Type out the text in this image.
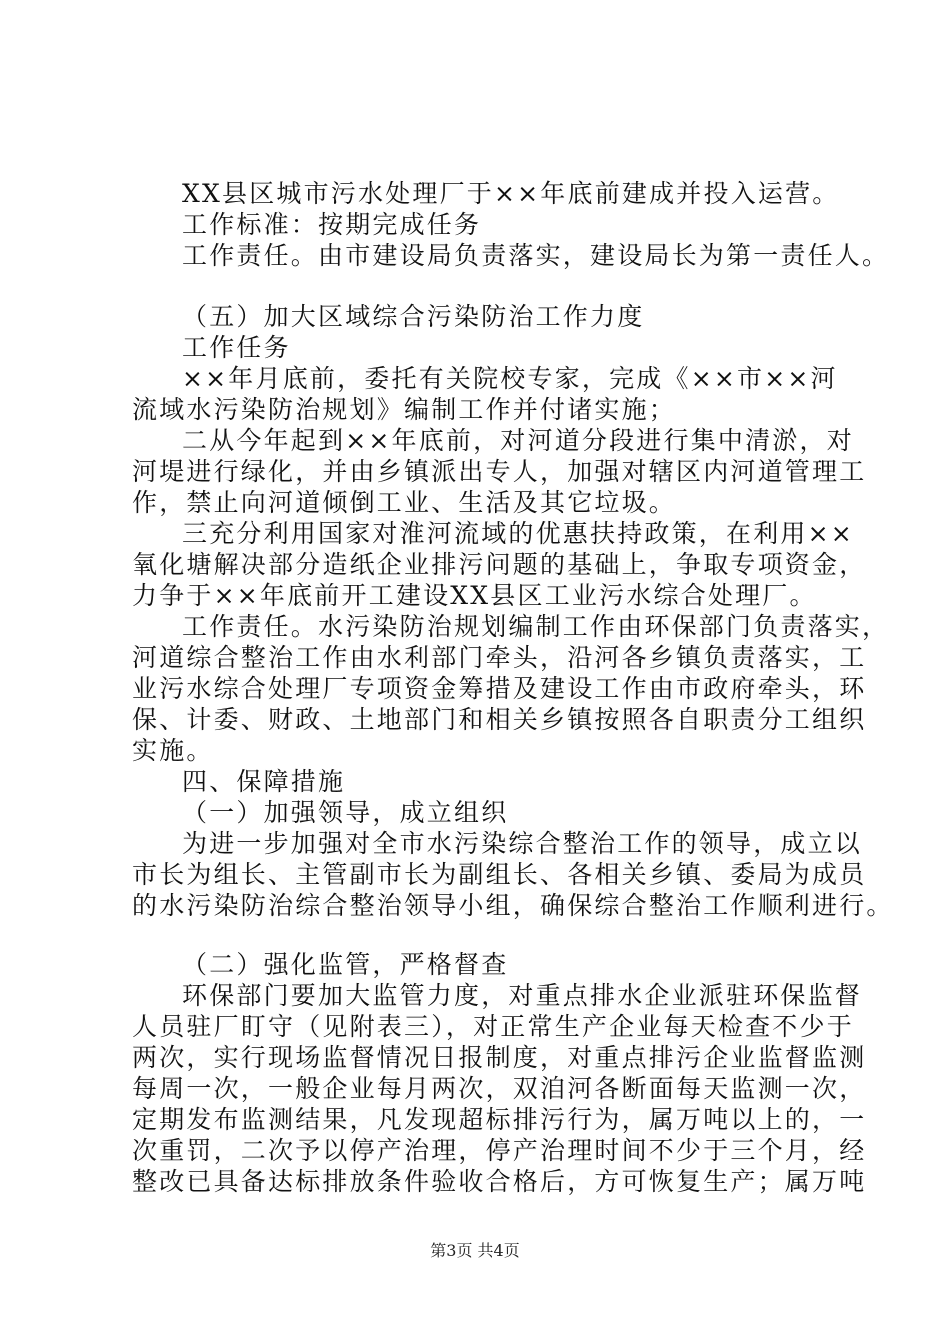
XX县区城市污水处理厂于××年底前建成并投入运营。
工作标准：按期完成任务
工作责任。由市建设局负责落实，建设局长为第一责任人。
（五）加大区域综合污染防治工作力度
工作任务
××年月底前，委托有关院校专家，完成《××市××河
流域水污染防治规划》编制工作并付诸实施；
二从今年起到××年底前，对河道分段进行集中清淤，对
河堤进行绿化，并由乡镇派出专人，加强对辖区内河道管理工
作，禁止向河道倾倒工业、生活及其它垃圾。
三充分利用国家对淮河流域的优惠扶持政策，在利用××
氧化塘解决部分造纸企业排污问题的基础上，争取专项资金，
力争于××年底前开工建设XX县区工业污水综合处理厂。
工作责任。水污染防治规划编制工作由环保部门负责落实，
河道综合整治工作由水利部门牵头，沿河各乡镇负责落实，工
业污水综合处理厂专项资金筹措及建设工作由市政府牵头，环
保、计委、财政、土地部门和相关乡镇按照各自职责分工组织
实施。
四、保障措施
（一）加强领导，成立组织
为进一步加强对全市水污染综合整治工作的领导，成立以
市长为组长、主管副市长为副组长、各相关乡镇、委局为成员
的水污染防治综合整治领导小组，确保综合整治工作顺利进行。
（二）强化监管，严格督查
环保部门要加大监管力度，对重点排水企业派驻环保监督
人员驻厂盯守（见附表三），对正常生产企业每天检查不少于
两次，实行现场监督情况日报制度，对重点排污企业监督监测
每周一次，一般企业每月两次，双洎河各断面每天监测一次，
定期发布监测结果，凡发现超标排污行为，属万吨以上的，一
次重罚，二次予以停产治理，停产治理时间不少于三个月，经
整改已具备达标排放条件验收合格后，方可恢复生产；属万吨
第3页 共4页
